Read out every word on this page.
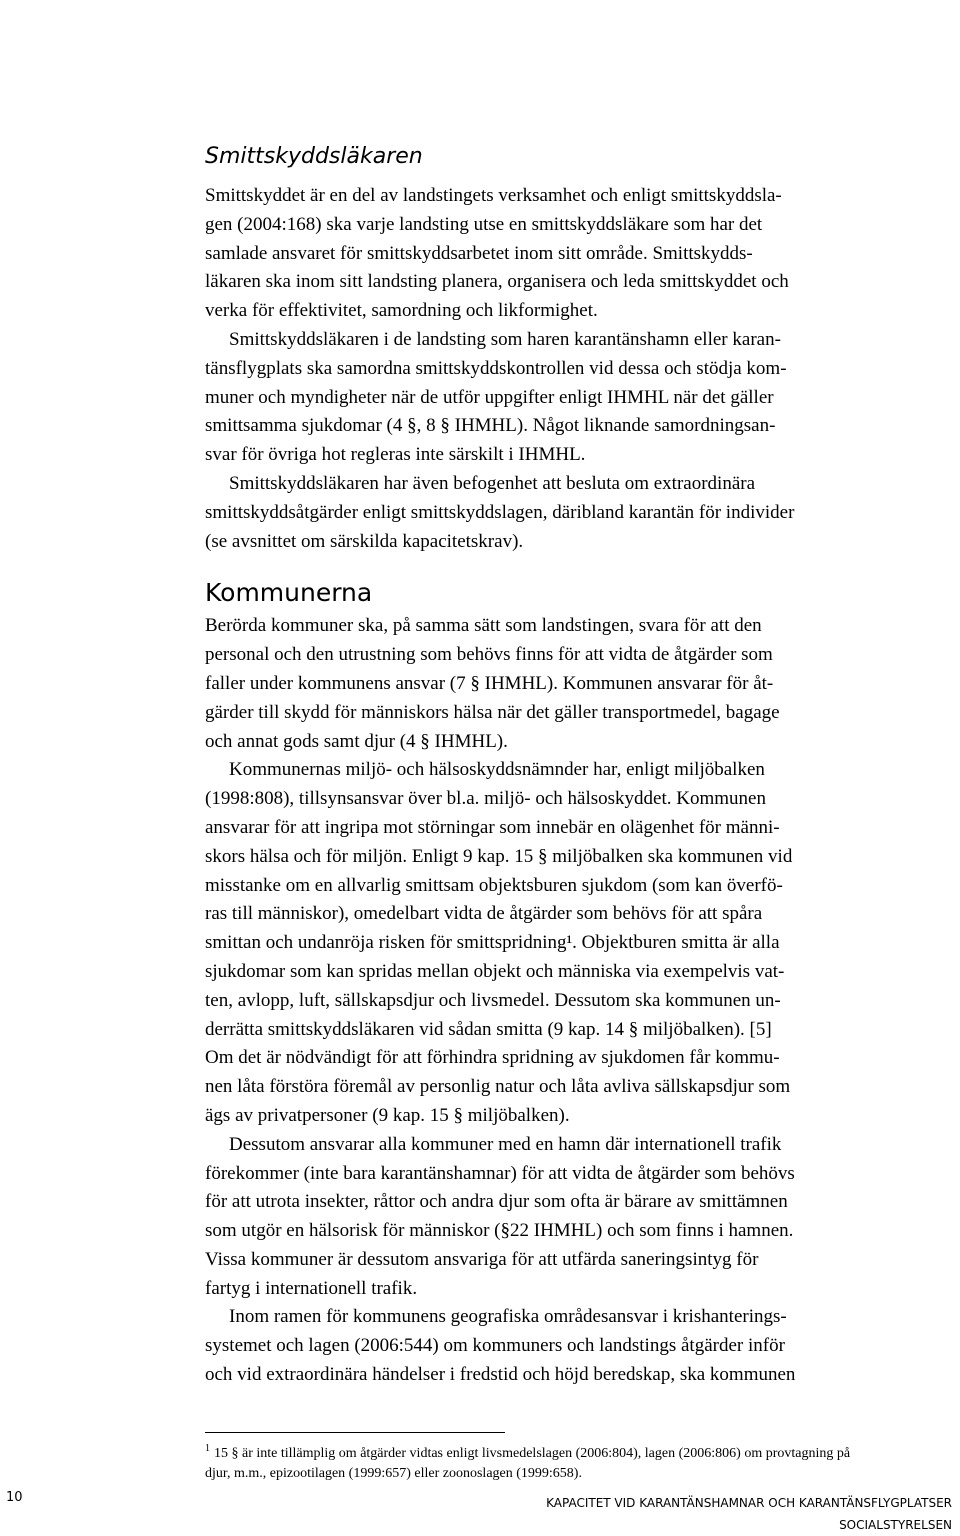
Smittskyddsläkaren

Smittskyddet är en del av landstingets verksamhet och enligt smittskyddsla-
gen (2004:168) ska varje landsting utse en smittskyddsläkare som har det
samlade ansvaret för smittskyddsarbetet inom sitt område. Smittskydds-
läkaren ska inom sitt landsting planera, organisera och leda smittskyddet och
verka för effektivitet, samordning och likformighet.

Smittskyddsläkaren i de landsting som haren karantänshamn eller karan-
tänsflygplats ska samordna smittskyddskontrollen vid dessa och stödja kom-
muner och myndigheter när de utför uppgifter enligt IHMHL när det gäller
smittsamma sjukdomar (4 §, 8 § IHMHL). Något liknande samordningsan-
svar för övriga hot regleras inte särskilt i IHMHL.

Smittskyddsläkaren har även befogenhet att besluta om extraordinära
smittskyddsåtgärder enligt smittskyddslagen, däribland karantän för individer
(se avsnittet om särskilda kapacitetskrav).

Kommunerna

Berörda kommuner ska, på samma sätt som landstingen, svara för att den
personal och den utrustning som behövs finns för att vidta de åtgärder som
faller under kommunens ansvar (7 § IHMHL). Kommunen ansvarar för åt-
gärder till skydd för människors hälsa när det gäller transportmedel, bagage
och annat gods samt djur (4 § IHMHL).

Kommunernas miljö- och hälsoskyddsnämnder har, enligt miljöbalken
(1998:808), tillsynsansvar över bl.a. miljö- och hälsoskyddet. Kommunen
ansvarar för att ingripa mot störningar som innebär en olägenhet för männi-
skors hälsa och för miljön. Enligt 9 kap. 15 § miljöbalken ska kommunen vid
misstanke om en allvarlig smittsam objektsburen sjukdom (som kan överfö-
ras till människor), omedelbart vidta de åtgärder som behövs för att spåra
smittan och undanröja risken för smittspridning¹. Objektburen smitta är alla
sjukdomar som kan spridas mellan objekt och människa via exempelvis vat-
ten, avlopp, luft, sällskapsdjur och livsmedel. Dessutom ska kommunen un-
derrätta smittskyddsläkaren vid sådan smitta (9 kap. 14 § miljöbalken). [5]
Om det är nödvändigt för att förhindra spridning av sjukdomen får kommu-
nen låta förstöra föremål av personlig natur och låta avliva sällskapsdjur som
ägs av privatpersoner (9 kap. 15 § miljöbalken).

Dessutom ansvarar alla kommuner med en hamn där internationell trafik
förekommer (inte bara karantänshamnar) för att vidta de åtgärder som behövs
för att utrota insekter, råttor och andra djur som ofta är bärare av smittämnen
som utgör en hälsorisk för människor (§22 IHMHL) och som finns i hamnen.
Vissa kommuner är dessutom ansvariga för att utfärda saneringsintyg för
fartyg i internationell trafik.

Inom ramen för kommunens geografiska områdesansvar i krishanterings-
systemet och lagen (2006:544) om kommuners och landstings åtgärder inför
och vid extraordinära händelser i fredstid och höjd beredskap, ska kommunen

$^1$ 15 § är inte tillämplig om åtgärder vidtas enligt livsmedelslagen (2006:804), lagen (2006:806) om provtagning på
djur, m.m., epizootilagen (1999:657) eller zoonoslagen (1999:658).
10	KAPACITET VID KARANTÄNSHAMNAR OCH KARANTÄNSFLYGPLATSER
SOCIALSTYRELSEN
